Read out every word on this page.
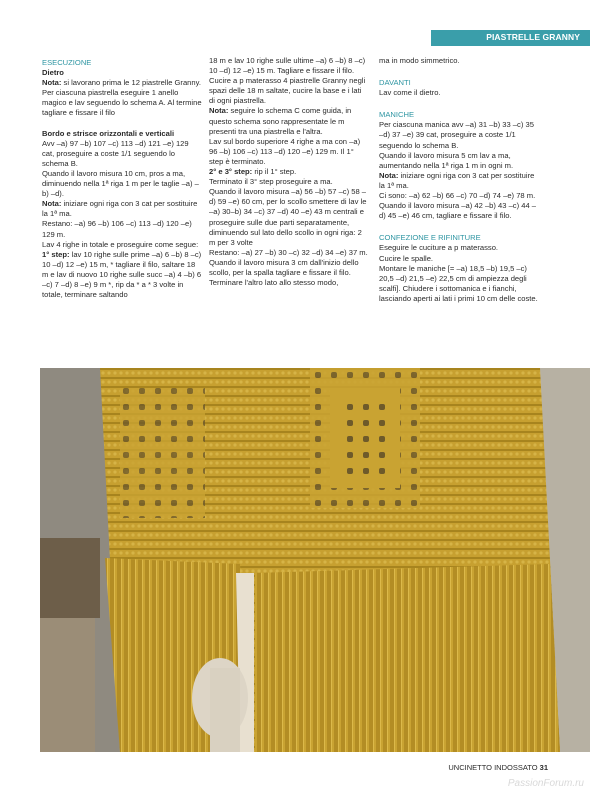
PIASTRELLE GRANNY

ESECUZIONE

Dietro

Nota: si lavorano prima le 12 piastrelle Granny.

Per ciascuna piastrella eseguire 1 anello magico e lav seguendo lo schema A. Al termine tagliare e fissare il filo

Bordo e strisce orizzontali e verticali

Avv –a) 97 –b) 107 –c) 113 –d) 121 –e) 129 cat, proseguire a coste 1/1 seguendo lo schema B.

Quando il lavoro misura 10 cm, pros a ma, diminuendo nella 1ª riga 1 m per le taglie –a) –b) –d).

Nota: iniziare ogni riga con 3 cat per sostituire la 1ª ma.

Restano: –a) 96 –b) 106 –c) 113 –d) 120 –e) 129 m.

Lav 4 righe in totale e proseguire come segue:

1° step: lav 10 righe sulle prime –a) 6 –b) 8 –c) 10 –d) 12 –e) 15 m, * tagliare il filo, saltare 18 m e lav di nuovo 10 righe sulle succ –a) 4 –b) 6 –c) 7 –d) 8 –e) 9 m *, rip da * a * 3 volte in totale, terminare saltando

18 m e lav 10 righe sulle ultime –a) 6 –b) 8 –c) 10 –d) 12 –e) 15 m. Tagliare e fissare il filo. Cucire a p materasso 4 piastrelle Granny negli spazi delle 18 m saltate, cucire la base e i lati di ogni piastrella.

Nota: seguire lo schema C come guida, in questo schema sono rappresentate le m presenti tra una piastrella e l'altra.

Lav sul bordo superiore 4 righe a ma con –a) 96 –b) 106 –c) 113 –d) 120 –e) 129 m. Il 1° step è terminato.

2° e 3° step: rip il 1° step.

Terminato il 3° step proseguire a ma.

Quando il lavoro misura –a) 56 –b) 57 –c) 58 –d) 59 –e) 60 cm, per lo scollo smettere di lav le –a) 30–b) 34 –c) 37 –d) 40 –e) 43 m centrali e proseguire sulle due parti separatamente, diminuendo sul lato dello scollo in ogni riga: 2 m per 3 volte

Restano: –a) 27 –b) 30 –c) 32 –d) 34 –e) 37 m.

Quando il lavoro misura 3 cm dall'inizio dello scollo, per la spalla tagliare e fissare il filo.

Terminare l'altro lato allo stesso modo,

ma in modo simmetrico.

DAVANTI

Lav come il dietro.

MANICHE

Per ciascuna manica avv –a) 31 –b) 33 –c) 35 –d) 37 –e) 39 cat, proseguire a coste 1/1 seguendo lo schema B.

Quando il lavoro misura 5 cm lav a ma, aumentando nella 1ª riga 1 m in ogni m.

Nota: iniziare ogni riga con 3 cat per sostituire la 1ª ma.

Ci sono: –a) 62 –b) 66 –c) 70 –d) 74 –e) 78 m.

Quando il lavoro misura –a) 42 –b) 43 –c) 44 –d) 45 –e) 46 cm, tagliare e fissare il filo.

CONFEZIONE E RIFINITURE

Eseguire le cuciture a p materasso.

Cucire le spalle.

Montare le maniche [= –a) 18,5 –b) 19,5 –c) 20,5 –d) 21,5 –e) 22,5 cm di ampiezza degli scalfi]. Chiudere i sottomanica e i fianchi, lasciando aperti ai lati i primi 10 cm delle coste.

UNCINETTO INDOSSATO 31
PassionForum.ru
